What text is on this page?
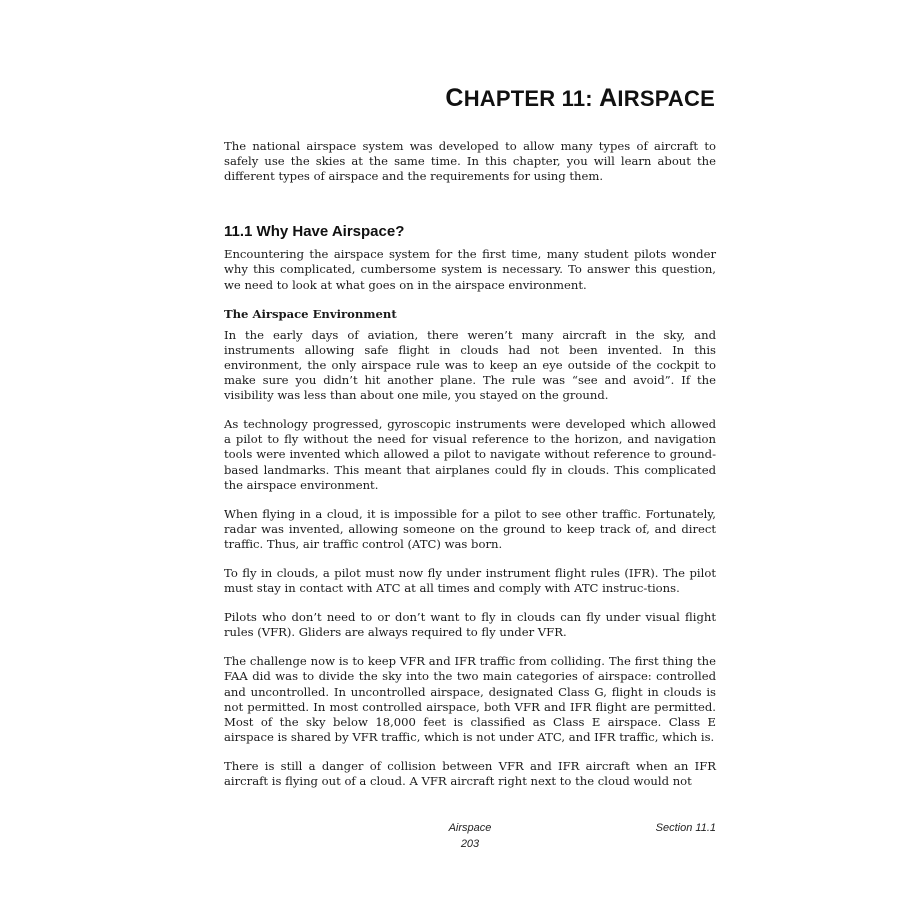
CHAPTER 11: AIRSPACE

The national airspace system was developed to allow many types of aircraft to safely use the skies at the same time. In this chapter, you will learn about the different types of airspace and the requirements for using them.

11.1 Why Have Airspace?

Encountering the airspace system for the first time, many student pilots wonder why this complicated, cumbersome system is necessary. To answer this question, we need to look at what goes on in the airspace environment.

The Airspace Environment

In the early days of aviation, there weren’t many aircraft in the sky, and instruments allowing safe flight in clouds had not been invented. In this environment, the only airspace rule was to keep an eye outside of the cockpit to make sure you didn’t hit another plane. The rule was “see and avoid”. If the visibility was less than about one mile, you stayed on the ground.

As technology progressed, gyroscopic instruments were developed which allowed a pilot to fly without the need for visual reference to the horizon, and navigation tools were invented which allowed a pilot to navigate without reference to ground-based landmarks. This meant that airplanes could fly in clouds. This complicated the airspace environment.

When flying in a cloud, it is impossible for a pilot to see other traffic. Fortunately, radar was invented, allowing someone on the ground to keep track of, and direct traffic. Thus, air traffic control (ATC) was born.

To fly in clouds, a pilot must now fly under instrument flight rules (IFR). The pilot must stay in contact with ATC at all times and comply with ATC instruc-tions.

Pilots who don’t need to or don’t want to fly in clouds can fly under visual flight rules (VFR). Gliders are always required to fly under VFR.

The challenge now is to keep VFR and IFR traffic from colliding. The first thing the FAA did was to divide the sky into the two main categories of airspace: controlled and uncontrolled. In uncontrolled airspace, designated Class G, flight in clouds is not permitted. In most controlled airspace, both VFR and IFR flight are permitted. Most of the sky below 18,000 feet is classified as Class E airspace. Class E airspace is shared by VFR traffic, which is not under ATC, and IFR traffic, which is.

There is still a danger of collision between VFR and IFR aircraft when an IFR aircraft is flying out of a cloud. A VFR aircraft right next to the cloud would not

Airspace	Section 11.1
203
